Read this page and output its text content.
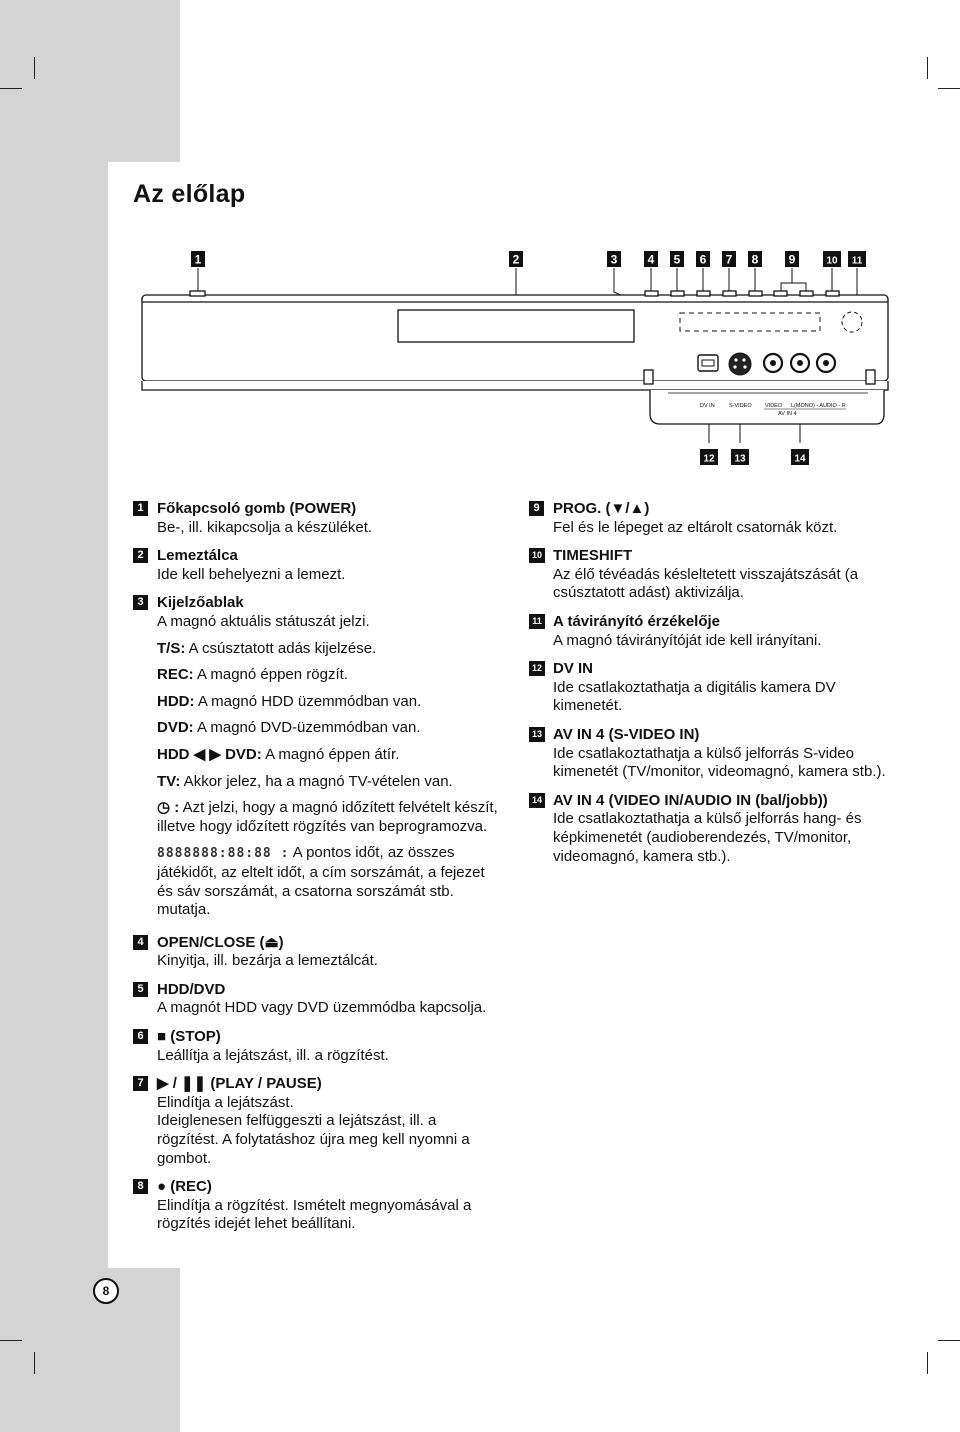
Az előlap
1	2	3	4 5 6 7 8	9	10 11
12 13	14
DV IN	S-VIDEO VIDEO L(MONO) - AUDIO - R
AV IN 4
1 Főkapcsoló gomb (POWER)
Be-, ill. kikapcsolja a készüléket.
2 Lemeztálca
Ide kell behelyezni a lemezt.
3 Kijelzőablak
A magnó aktuális státuszát jelzi.
T/S: A csúsztatott adás kijelzése.
REC: A magnó éppen rögzít.
HDD: A magnó HDD üzemmódban van.
DVD: A magnó DVD-üzemmódban van.
HDD ◀ ▶ DVD: A magnó éppen átír.
TV: Akkor jelez, ha a magnó TV-vételen van.
◷ : Azt jelzi, hogy a magnó időzített felvételt készít, illetve hogy időzített rögzítés van beprogramozva.
8888888:88:88 : A pontos időt, az összes játékidőt, az eltelt időt, a cím sorszámát, a fejezet és sáv sorszámát, a csatorna sorszámát stb. mutatja.
4 OPEN/CLOSE (⏏)
Kinyitja, ill. bezárja a lemeztálcát.
5 HDD/DVD
A magnót HDD vagy DVD üzemmódba kapcsolja.
6 ■ (STOP)
Leállítja a lejátszást, ill. a rögzítést.
7 ▶ / ❚❚ (PLAY / PAUSE)
Elindítja a lejátszást.
Ideiglenesen felfüggeszti a lejátszást, ill. a rögzítést. A folytatáshoz újra meg kell nyomni a gombot.
8 ● (REC)
Elindítja a rögzítést. Ismételt megnyomásával a rögzítés idejét lehet beállítani.
9 PROG. (▼/▲)
Fel és le lépeget az eltárolt csatornák közt.
10 TIMESHIFT
Az élő tévéadás késleltetett visszajátszását (a csúsztatott adást) aktivizálja.
11 A távirányító érzékelője
A magnó távirányítóját ide kell irányítani.
12 DV IN
Ide csatlakoztathatja a digitális kamera DV kimenetét.
13 AV IN 4 (S-VIDEO IN)
Ide csatlakoztathatja a külső jelforrás S-video kimenetét (TV/monitor, videomagnó, kamera stb.).
14 AV IN 4 (VIDEO IN/AUDIO IN (bal/jobb))
Ide csatlakoztathatja a külső jelforrás hang- és képkimenetét (audioberendezés, TV/monitor, videomagnó, kamera stb.).
8
